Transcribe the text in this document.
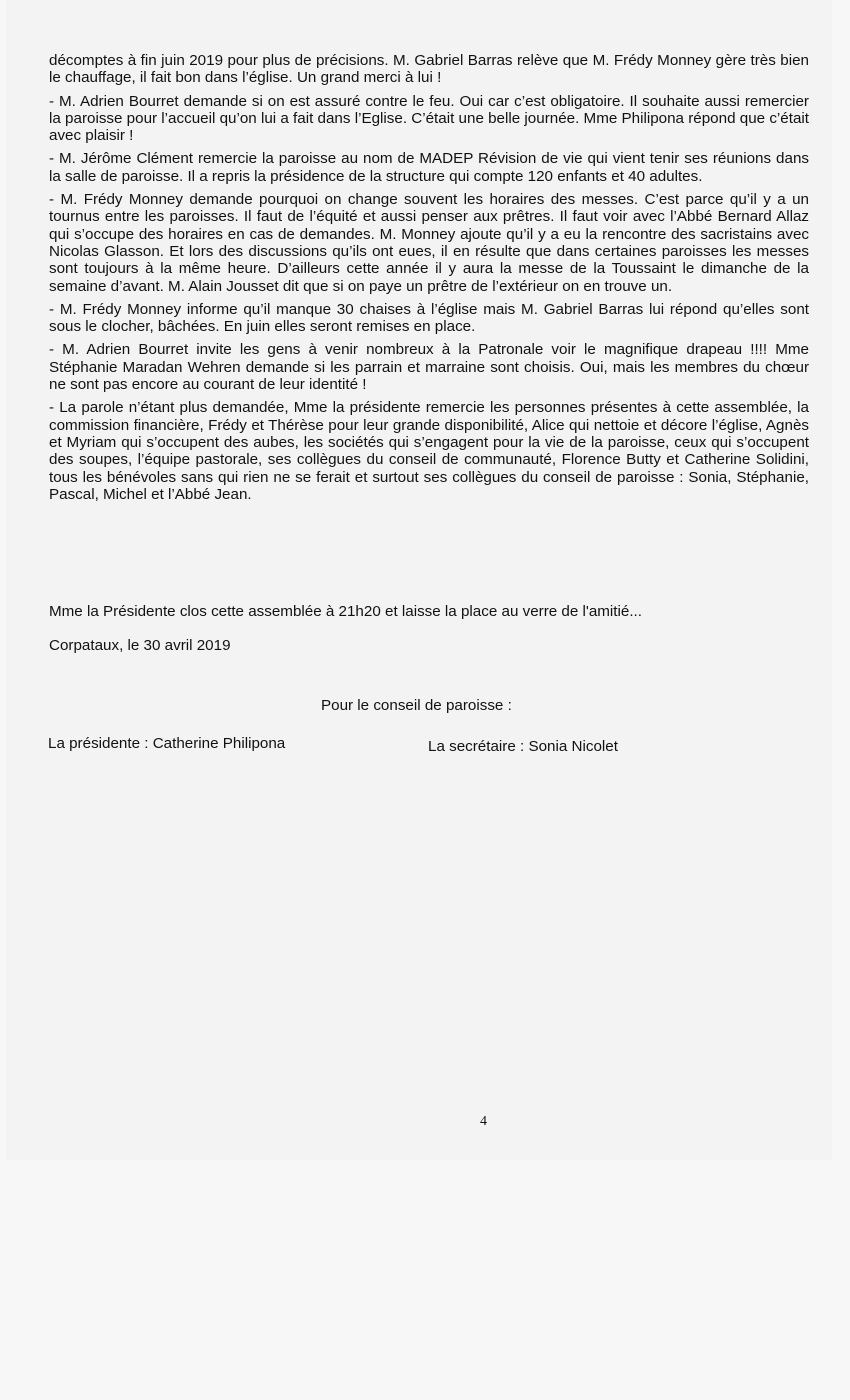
décomptes à fin juin 2019 pour plus de précisions. M. Gabriel Barras relève que M. Frédy Monney gère très bien le chauffage, il fait bon dans l’église. Un grand merci à lui !

- M. Adrien Bourret demande si on est assuré contre le feu. Oui car c’est obligatoire. Il souhaite aussi remercier la paroisse pour l’accueil qu’on lui a fait dans l’Eglise. C’était une belle journée. Mme Philipona répond que c’était avec plaisir !

- M. Jérôme Clément remercie la paroisse au nom de MADEP Révision de vie qui vient tenir ses réunions dans la salle de paroisse. Il a repris la présidence de la structure qui compte 120 enfants et 40 adultes.

- M. Frédy Monney demande pourquoi on change souvent les horaires des messes. C’est parce qu’il y a un tournus entre les paroisses. Il faut de l’équité et aussi penser aux prêtres. Il faut voir avec l’Abbé Bernard Allaz qui s’occupe des horaires en cas de demandes. M. Monney ajoute qu’il y a eu la rencontre des sacristains avec Nicolas Glasson. Et lors des discussions qu’ils ont eues, il en résulte que dans certaines paroisses les messes sont toujours à la même heure. D’ailleurs cette année il y aura la messe de la Toussaint le dimanche de la semaine d’avant. M. Alain Jousset dit que si on paye un prêtre de l’extérieur on en trouve un.

- M. Frédy Monney informe qu’il manque 30 chaises à l’église mais M. Gabriel Barras lui répond qu’elles sont sous le clocher, bâchées. En juin elles seront remises en place.

- M. Adrien Bourret invite les gens à venir nombreux à la Patronale voir le magnifique drapeau !!!! Mme Stéphanie Maradan Wehren demande si les parrain et marraine sont choisis. Oui, mais les membres du chœur ne sont pas encore au courant de leur identité !

- La parole n’étant plus demandée, Mme la présidente remercie les personnes présentes à cette assemblée, la commission financière, Frédy et Thérèse pour leur grande disponibilité, Alice qui nettoie et décore l’église, Agnès et Myriam qui s’occupent des aubes, les sociétés qui s’engagent pour la vie de la paroisse, ceux qui s’occupent des soupes, l’équipe pastorale, ses collègues du conseil de communauté, Florence Butty et Catherine Solidini, tous les bénévoles sans qui rien ne se ferait et surtout ses collègues du conseil de paroisse : Sonia, Stéphanie, Pascal, Michel et l’Abbé Jean.

Mme la Présidente clos cette assemblée à 21h20 et laisse la place au verre de l'amitié...
Corpataux, le 30 avril 2019
Pour le conseil de paroisse :
La présidente : Catherine Philipona	La secrétaire : Sonia Nicolet
4
